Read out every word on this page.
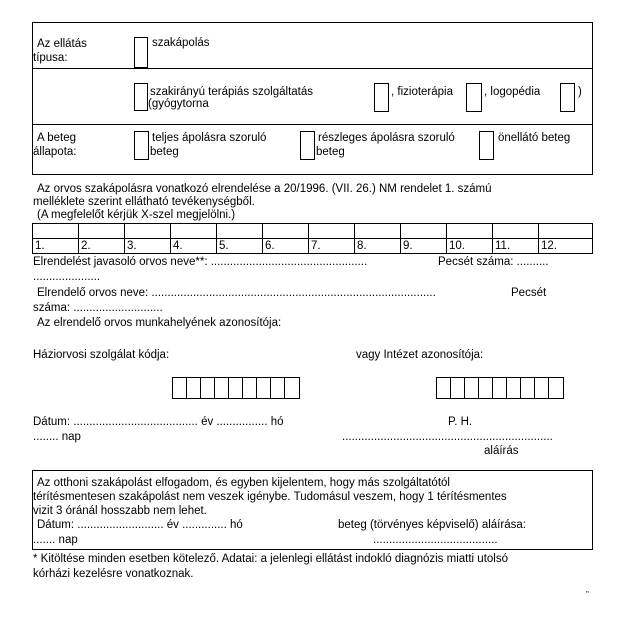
Az ellátás
típusa:
szakápolás
szakirányú terápiás szolgáltatás
(gyógytorna
, fizioterápia	, logopédia	)
A beteg
állapota:
teljes ápolásra szoruló
beteg
részleges ápolásra szoruló
beteg
önellátó beteg
Az orvos szakápolásra vonatkozó elrendelése a 20/1996. (VII. 26.) NM rendelet 1. számú
melléklete szerint ellátható tevékenységből.
(A megfelelőt kérjük X-szel megjelölni.)
1.	2.	3.	4.	5.	6.	7.	8.	9.	10.	11.	12.
Elrendelést javasoló orvos neve**: .................................................	Pecsét száma: ..........
.....................
Elrendelő orvos neve: .........................................................................................	Pecsét
száma: ............................
Az elrendelő orvos munkahelyének azonosítója:
Háziorvosi szolgálat kódja:	vagy Intézet azonosítója:
Dátum: ....................................... év ................ hó	P. H.
........ nap	..................................................................
aláírás
Az otthoni szakápolást elfogadom, és egyben kijelentem, hogy más szolgáltatótól
térítésmentesen szakápolást nem veszek igénybe. Tudomásul veszem, hogy 1 térítésmentes
vizit 3 óránál hosszabb nem lehet.
Dátum: ........................... év .............. hó	beteg (törvényes képviselő) aláírása:
....... nap	.......................................
* Kitöltése minden esetben kötelező. Adatai: a jelenlegi ellátást indokló diagnózis miatti utolsó
kórházi kezelésre vonatkoznak.
"
